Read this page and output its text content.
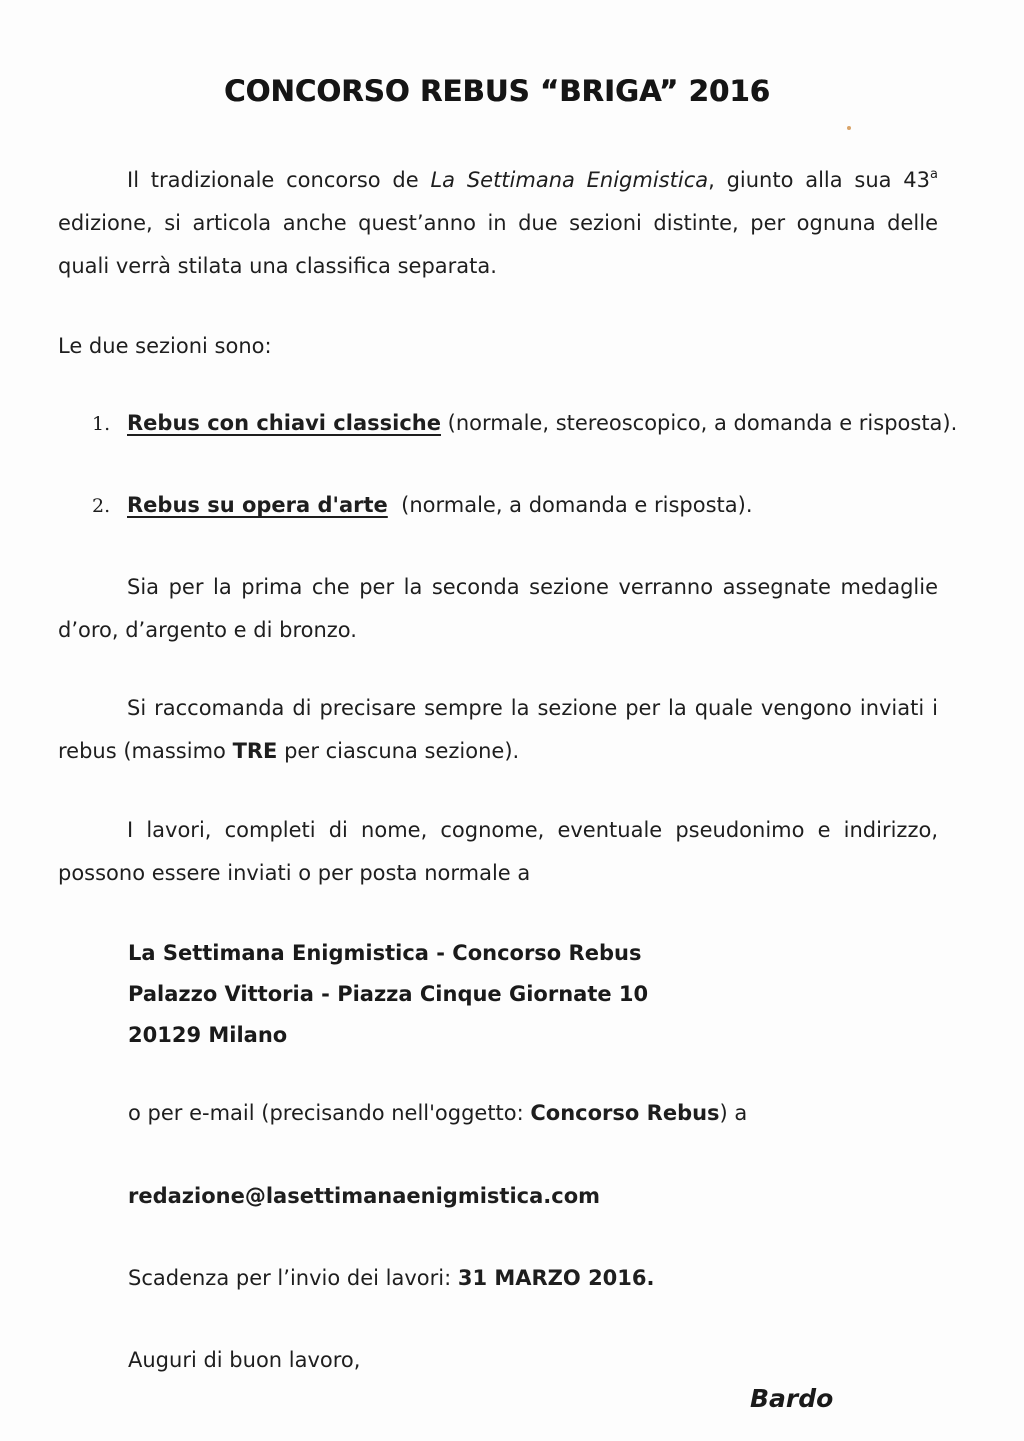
CONCORSO REBUS “BRIGA” 2016
Il tradizionale concorso de La Settimana Enigmistica, giunto alla sua 43$^a$
edizione, si articola anche quest’anno in due sezioni distinte, per ognuna delle
quali verrà stilata una classifica separata.
Le due sezioni sono:
1. Rebus con chiavi classiche (normale, stereoscopico, a domanda e risposta).
2. Rebus su opera d'arte  (normale, a domanda e risposta).
Sia per la prima che per la seconda sezione verranno assegnate medaglie
d’oro, d’argento e di bronzo.
Si raccomanda di precisare sempre la sezione per la quale vengono inviati i
rebus (massimo TRE per ciascuna sezione).
I lavori, completi di nome, cognome, eventuale pseudonimo e indirizzo,
possono essere inviati o per posta normale a
La Settimana Enigmistica - Concorso Rebus
Palazzo Vittoria - Piazza Cinque Giornate 10
20129 Milano
o per e-mail (precisando nell'oggetto: Concorso Rebus) a
redazione@lasettimanaenigmistica.com
Scadenza per l’invio dei lavori: 31 MARZO 2016.
Auguri di buon lavoro,
Bardo
